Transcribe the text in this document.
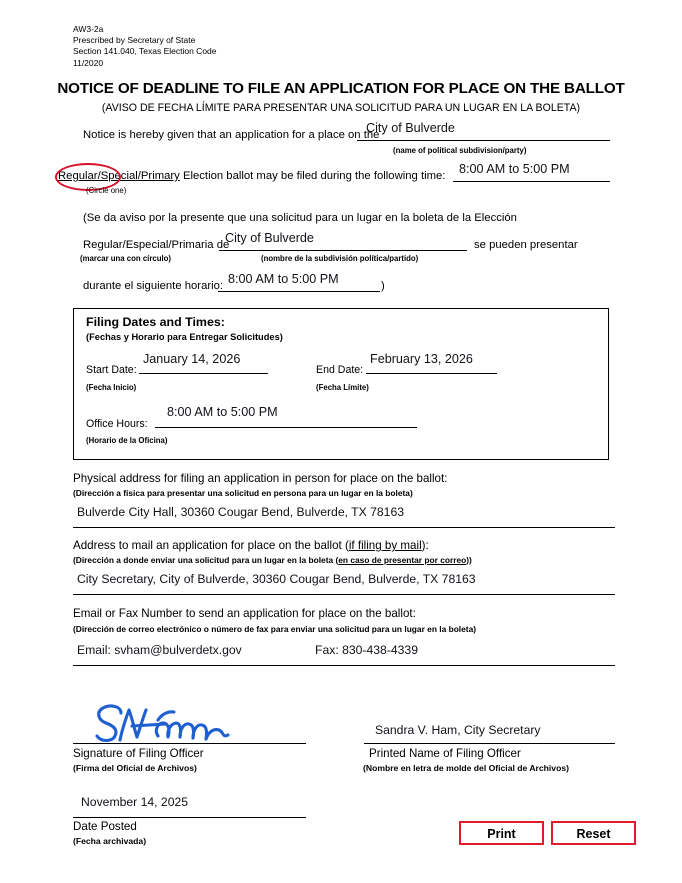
AW3-2a
Prescribed by Secretary of State
Section 141.040, Texas Election Code
11/2020
NOTICE OF DEADLINE TO FILE AN APPLICATION FOR PLACE ON THE BALLOT
(AVISO DE FECHA LÍMITE PARA PRESENTAR UNA SOLICITUD PARA UN LUGAR EN LA BOLETA)
Notice is hereby given that an application for a place on the
City of Bulverde
(name of political subdivision/party)
Regular/Special/Primary Election ballot may be filed during the following time:
(Circle one)
8:00 AM to 5:00 PM
(Se da aviso por la presente que una solicitud para un lugar en la boleta de la Elección
Regular/Especial/Primaria de
City of Bulverde
(nombre de la subdivisión política/partido)
(marcar una con círculo)
se pueden presentar
durante el siguiente horario: 8:00 AM to 5:00 PM	)
Filing Dates and Times:
(Fechas y Horario para Entregar Solicitudes)
Start Date:
January 14, 2026
(Fecha Inicio)
End Date:
February 13, 2026
(Fecha Límite)
Office Hours:
8:00 AM to 5:00 PM
(Horario de la Oficina)
Physical address for filing an application in person for place on the ballot:
(Dirección a física para presentar una solicitud en persona para un lugar en la boleta)
Bulverde City Hall, 30360 Cougar Bend, Bulverde, TX 78163
Address to mail an application for place on the ballot (if filing by mail):
(Dirección a donde enviar una solicitud para un lugar en la boleta (en caso de presentar por correo))
City Secretary, City of Bulverde, 30360 Cougar Bend, Bulverde, TX 78163
Email or Fax Number to send an application for place on the ballot:
(Dirección de correo electrónico o número de fax para enviar una solicitud para un lugar en la boleta)
Email: svham@bulverdetx.gov	Fax: 830-438-4339
Signature of Filing Officer
(Firma del Oficial de Archivos)
Sandra V. Ham, City Secretary
Printed Name of Filing Officer
(Nombre en letra de molde del Oficial de Archivos)
November 14, 2025
Date Posted
(Fecha archivada)	Print	Reset
